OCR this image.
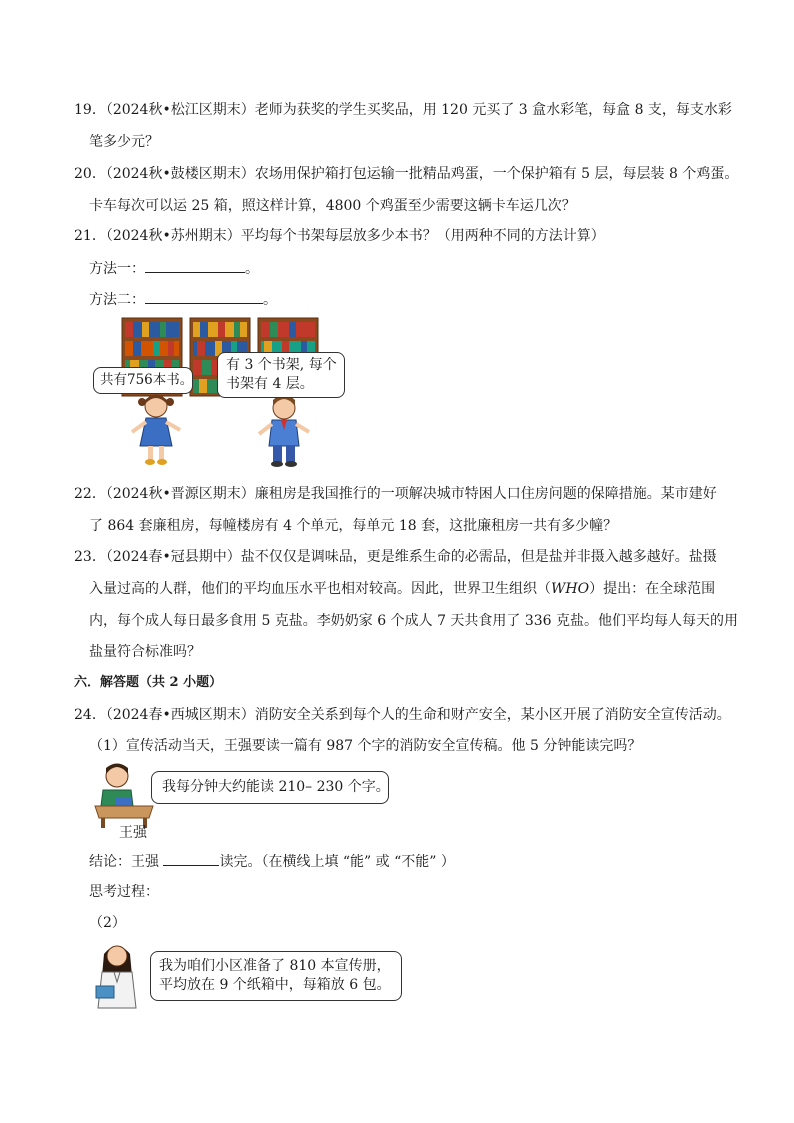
19．（2024秋•松江区期末）老师为获奖的学生买奖品，用 120 元买了 3 盒水彩笔，每盒 8 支，每支水彩
笔多少元？
20．（2024秋•鼓楼区期末）农场用保护箱打包运输一批精品鸡蛋，一个保护箱有 5 层，每层装 8 个鸡蛋。
卡车每次可以运 25 箱，照这样计算，4800 个鸡蛋至少需要这辆卡车运几次？
21．（2024秋•苏州期末）平均每个书架每层放多少本书？（用两种不同的方法计算）
方法一：	。
方法二：	。
共有756本书。
有 3 个书架, 每个
书架有 4 层。
22．（2024秋•晋源区期末）廉租房是我国推行的一项解决城市特困人口住房问题的保障措施。某市建好
了 864 套廉租房，每幢楼房有 4 个单元，每单元 18 套，这批廉租房一共有多少幢？
23．（2024春•冠县期中）盐不仅仅是调味品，更是维系生命的必需品，但是盐并非摄入越多越好。盐摄
入量过高的人群，他们的平均血压水平也相对较高。因此，世界卫生组织（WHO）提出：在全球范围
内，每个成人每日最多食用 5 克盐。李奶奶家 6 个成人 7 天共食用了 336 克盐。他们平均每人每天的用
盐量符合标准吗？
六．解答题（共 2 小题）
24．（2024春•西城区期末）消防安全关系到每个人的生命和财产安全，某小区开展了消防安全宣传活动。
（1）宣传活动当天，王强要读一篇有 987 个字的消防安全宣传稿。他 5 分钟能读完吗？
王强
我每分钟大约能读 210– 230 个字。
结论：王强	读完。（在横线上填 “能” 或 “不能” ）
思考过程：
（2）
我为咱们小区准备了 810 本宣传册，
平均放在 9 个纸箱中，每箱放 6 包。
